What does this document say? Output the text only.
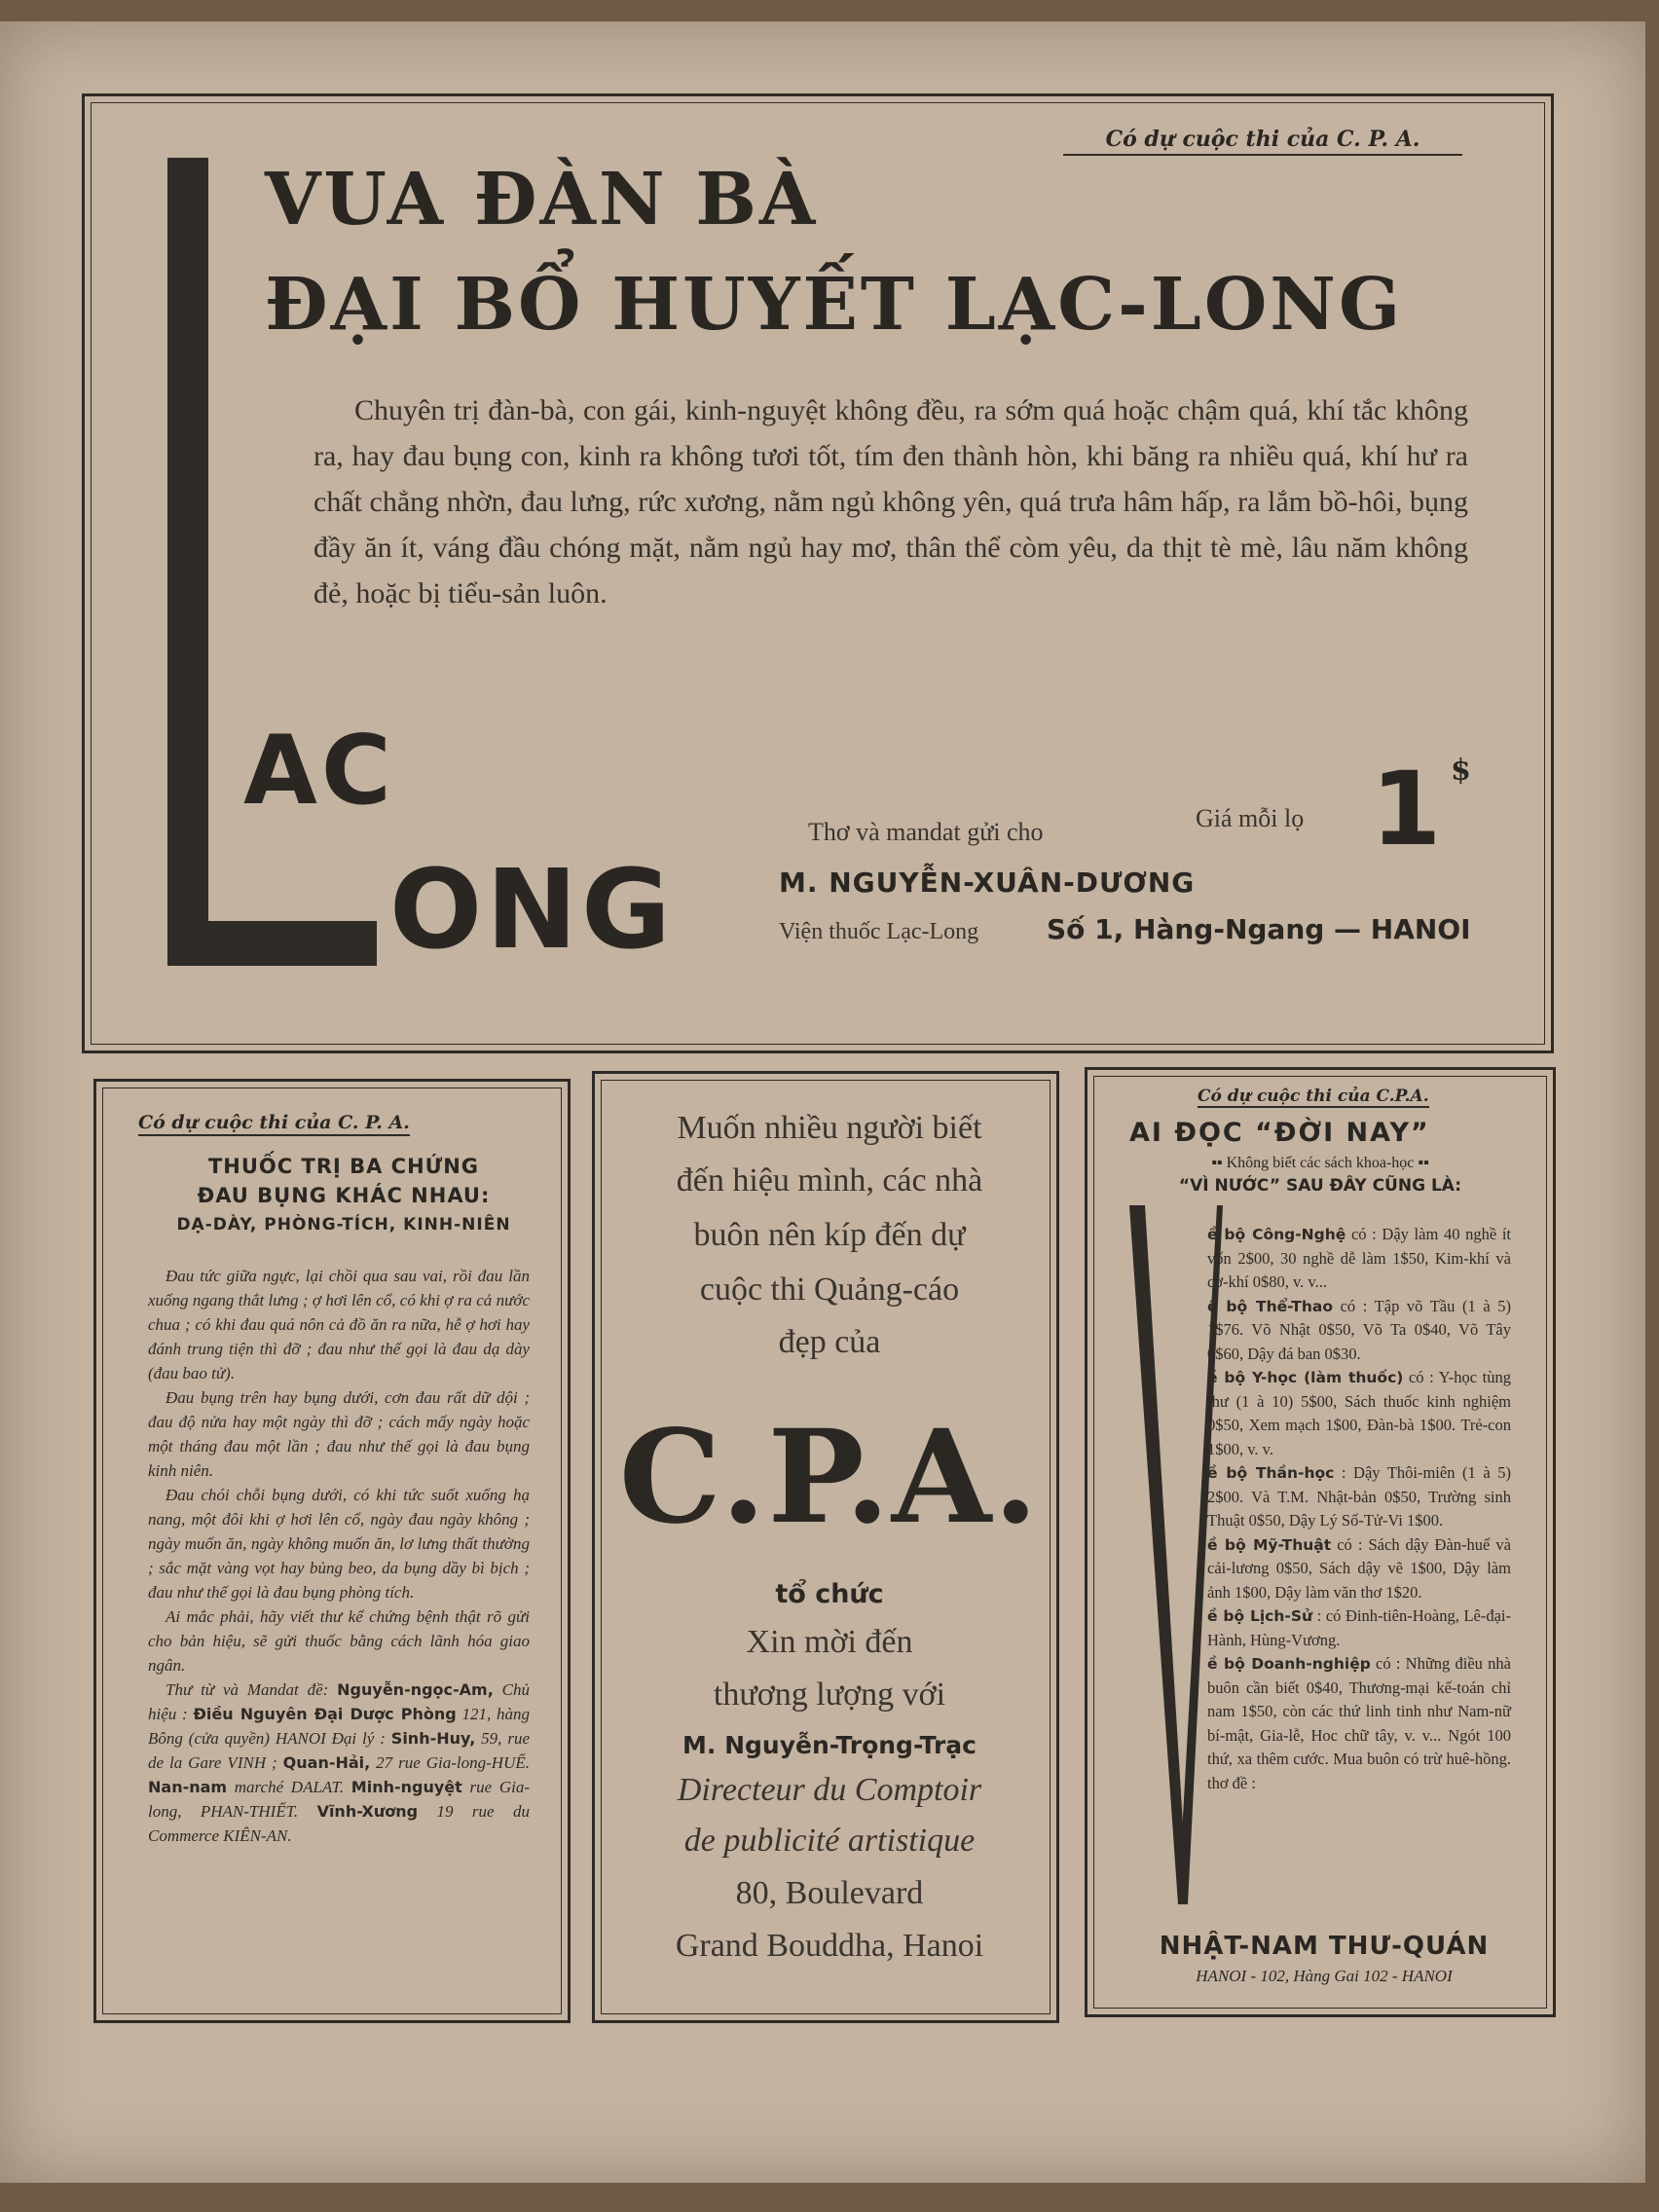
Có dự cuộc thi của C. P. A.
VUA ĐÀN BÀ
ĐẠI BỔ HUYẾT LẠC-LONG
AC
ONG
Chuyên trị đàn-bà, con gái, kinh-nguyệt không đều, ra sớm quá hoặc chậm quá, khí tắc không ra, hay đau bụng con, kinh ra không tươi tốt, tím đen thành hòn, khi băng ra nhiều quá, khí hư ra chất chẳng nhờn, đau lưng, rức xương, nằm ngủ không yên, quá trưa hâm hấp, ra lắm bồ-hôi, bụng đầy ăn ít, váng đầu chóng mặt, nằm ngủ hay mơ, thân thể còm yêu, da thịt tè mè, lâu năm không đẻ, hoặc bị tiểu-sản luôn.
Thơ và mandat gửi cho	Giá mỗi lọ 1 $
M. NGUYỄN-XUÂN-DƯƠNG
Viện thuốc Lạc-Long Số 1, Hàng-Ngang — HANOI
Có dự cuộc thi của C. P. A.
THUỐC TRỊ BA CHỨNG
ĐAU BỤNG KHÁC NHAU:
DẠ-DÀY, PHÒNG-TÍCH, KINH-NIÊN

Đau tức giữa ngực, lại chồi qua sau vai, rồi đau lần xuống ngang thắt lưng ; ợ hơi lên cổ, có khi ợ ra cả nước chua ; có khi đau quá nôn cả đồ ăn ra nữa, hễ ợ hơi hay đánh trung tiện thì đỡ ; đau như thế gọi là đau dạ dày (đau bao tử).

Đau bụng trên hay bụng dưới, cơn đau rất dữ dội ; đau độ nửa hay một ngày thì đỡ ; cách mấy ngày hoặc một tháng đau một lần ; đau như thế gọi là đau bụng kinh niên.

Đau chói chỗi bụng dưới, có khi tức suốt xuống hạ nang, một đôi khi ợ hơi lên cổ, ngày đau ngày không ; ngày muốn ăn, ngày không muốn ăn, lơ lưng thất thường ; sắc mặt vàng vọt hay bủng beo, da bụng dầy bì bịch ; đau như thế gọi là đau bụng phòng tích.

Ai mắc phải, hãy viết thư kể chứng bệnh thật rõ gửi cho bản hiệu, sẽ gửi thuốc bằng cách lãnh hóa giao ngân.

Thư từ và Mandat đề: Nguyễn-ngọc-Am, Chủ hiệu : Điều Nguyên Đại Dược Phòng 121, hàng Bông (cửa quyền) HANOI Đại lý : Sinh-Huy, 59, rue de la Gare VINH ; Quan-Hải, 27 rue Gia-long-HUẾ. Nan-nam marché DALAT. Minh-nguyệt rue Gia-long, PHAN-THIẾT. Vĩnh-Xương 19 rue du Commerce KIÊN-AN.

Muốn nhiều người biết
đến hiệu mình, các nhà
buôn nên kíp đến dự
cuộc thi Quảng-cáo
đẹp của
C.P.A.
tổ chức
Xin mời đến
thương lượng với
M. Nguyễn-Trọng-Trạc
Directeur du Comptoir
de publicité artistique
80, Boulevard
Grand Bouddha, Hanoi
Có dự cuộc thi của C.P.A.
AI ĐỌC “ĐỜI NAY”
▪▪ Không biết các sách khoa-học ▪▪
“VÌ NƯỚC” SAU ĐÂY CŨNG LÀ:

ề bộ Công-Nghệ có : Dậy làm 40 nghề ít vốn 2$00, 30 nghề dễ làm 1$50, Kim-khí và cơ-khí 0$80, v. v...

ề bộ Thể-Thao có : Tập võ Tầu (1 à 5) 1$76. Võ Nhật 0$50, Võ Ta 0$40, Võ Tây 0$60, Dậy đá ban 0$30.

ề bộ Y-học (làm thuốc) có : Y-học tùng thư (1 à 10) 5$00, Sách thuốc kinh nghiệm 0$50, Xem mạch 1$00, Đàn-bà 1$00. Trẻ-con 1$00, v. v.

ề bộ Thần-học : Dậy Thôi-miên (1 à 5) 2$00. Và T.M. Nhật-bản 0$50, Trường sinh Thuật 0$50, Dậy Lý Số-Tử-Vi 1$00.

ề bộ Mỹ-Thuật có : Sách dậy Đàn-huế và cải-lương 0$50, Sách dậy vẽ 1$00, Dậy làm ảnh 1$00, Dậy làm văn thơ 1$20.

ề bộ Lịch-Sử : có Đinh-tiên-Hoàng, Lê-đại-Hành, Hùng-Vương.

ề bộ Doanh-nghiệp có : Những điều nhà buôn cần biết 0$40, Thương-mại kế-toán chỉ nam 1$50, còn các thứ linh tinh như Nam-nữ bí-mật, Gia-lễ, Hoc chữ tây, v. v... Ngót 100 thứ, xa thêm cước. Mua buôn có trừ huê-hồng. thơ đề :

NHẬT-NAM THƯ-QUÁN
HANOI - 102, Hàng Gai 102 - HANOI
